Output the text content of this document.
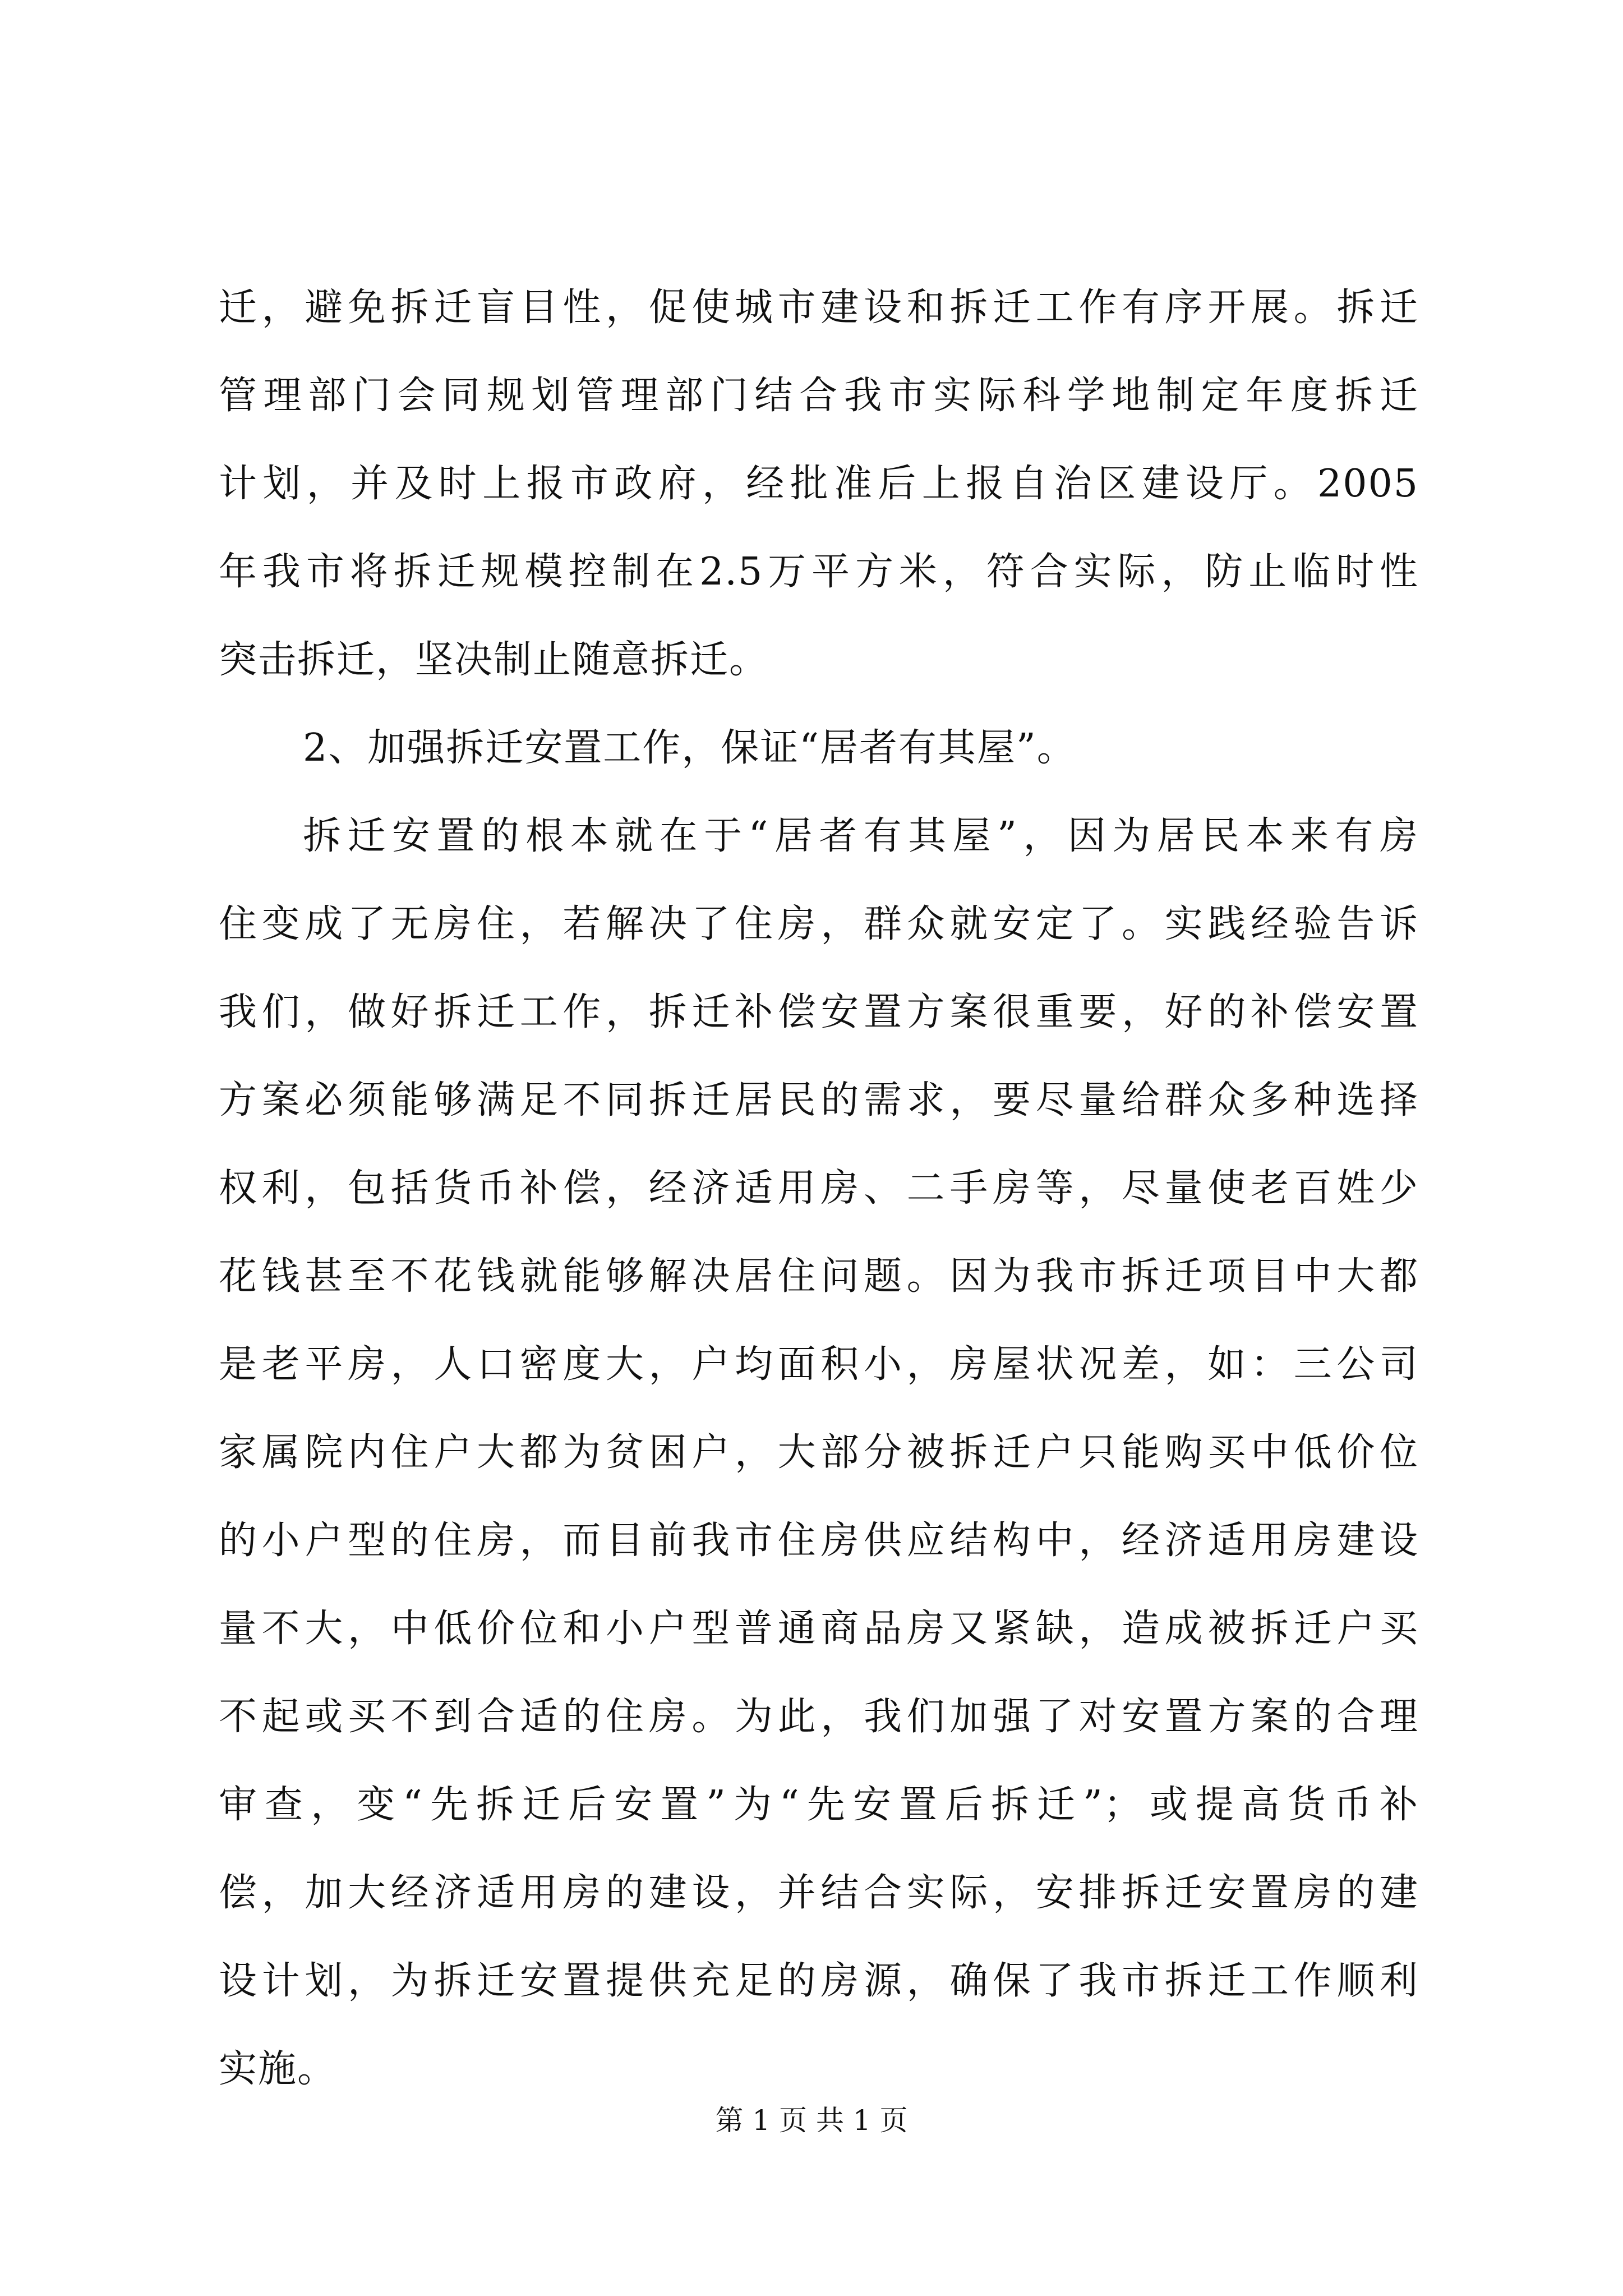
迁，避免拆迁盲目性，促使城市建设和拆迁工作有序开展。拆迁
管理部门会同规划管理部门结合我市实际科学地制定年度拆迁
计划，并及时上报市政府，经批准后上报自治区建设厅。2005
年我市将拆迁规模控制在2.5万平方米，符合实际，防止临时性
突击拆迁，坚决制止随意拆迁。
2、加强拆迁安置工作，保证“居者有其屋”。
拆迁安置的根本就在于“居者有其屋”，因为居民本来有房
住变成了无房住，若解决了住房，群众就安定了。实践经验告诉
我们，做好拆迁工作，拆迁补偿安置方案很重要，好的补偿安置
方案必须能够满足不同拆迁居民的需求，要尽量给群众多种选择
权利，包括货币补偿，经济适用房、二手房等，尽量使老百姓少
花钱甚至不花钱就能够解决居住问题。因为我市拆迁项目中大都
是老平房，人口密度大，户均面积小，房屋状况差，如：三公司
家属院内住户大都为贫困户，大部分被拆迁户只能购买中低价位
的小户型的住房，而目前我市住房供应结构中，经济适用房建设
量不大，中低价位和小户型普通商品房又紧缺，造成被拆迁户买
不起或买不到合适的住房。为此，我们加强了对安置方案的合理
审查，变“先拆迁后安置”为“先安置后拆迁”；或提高货币补
偿，加大经济适用房的建设，并结合实际，安排拆迁安置房的建
设计划，为拆迁安置提供充足的房源，确保了我市拆迁工作顺利
实施。
第 1 页 共 1 页
